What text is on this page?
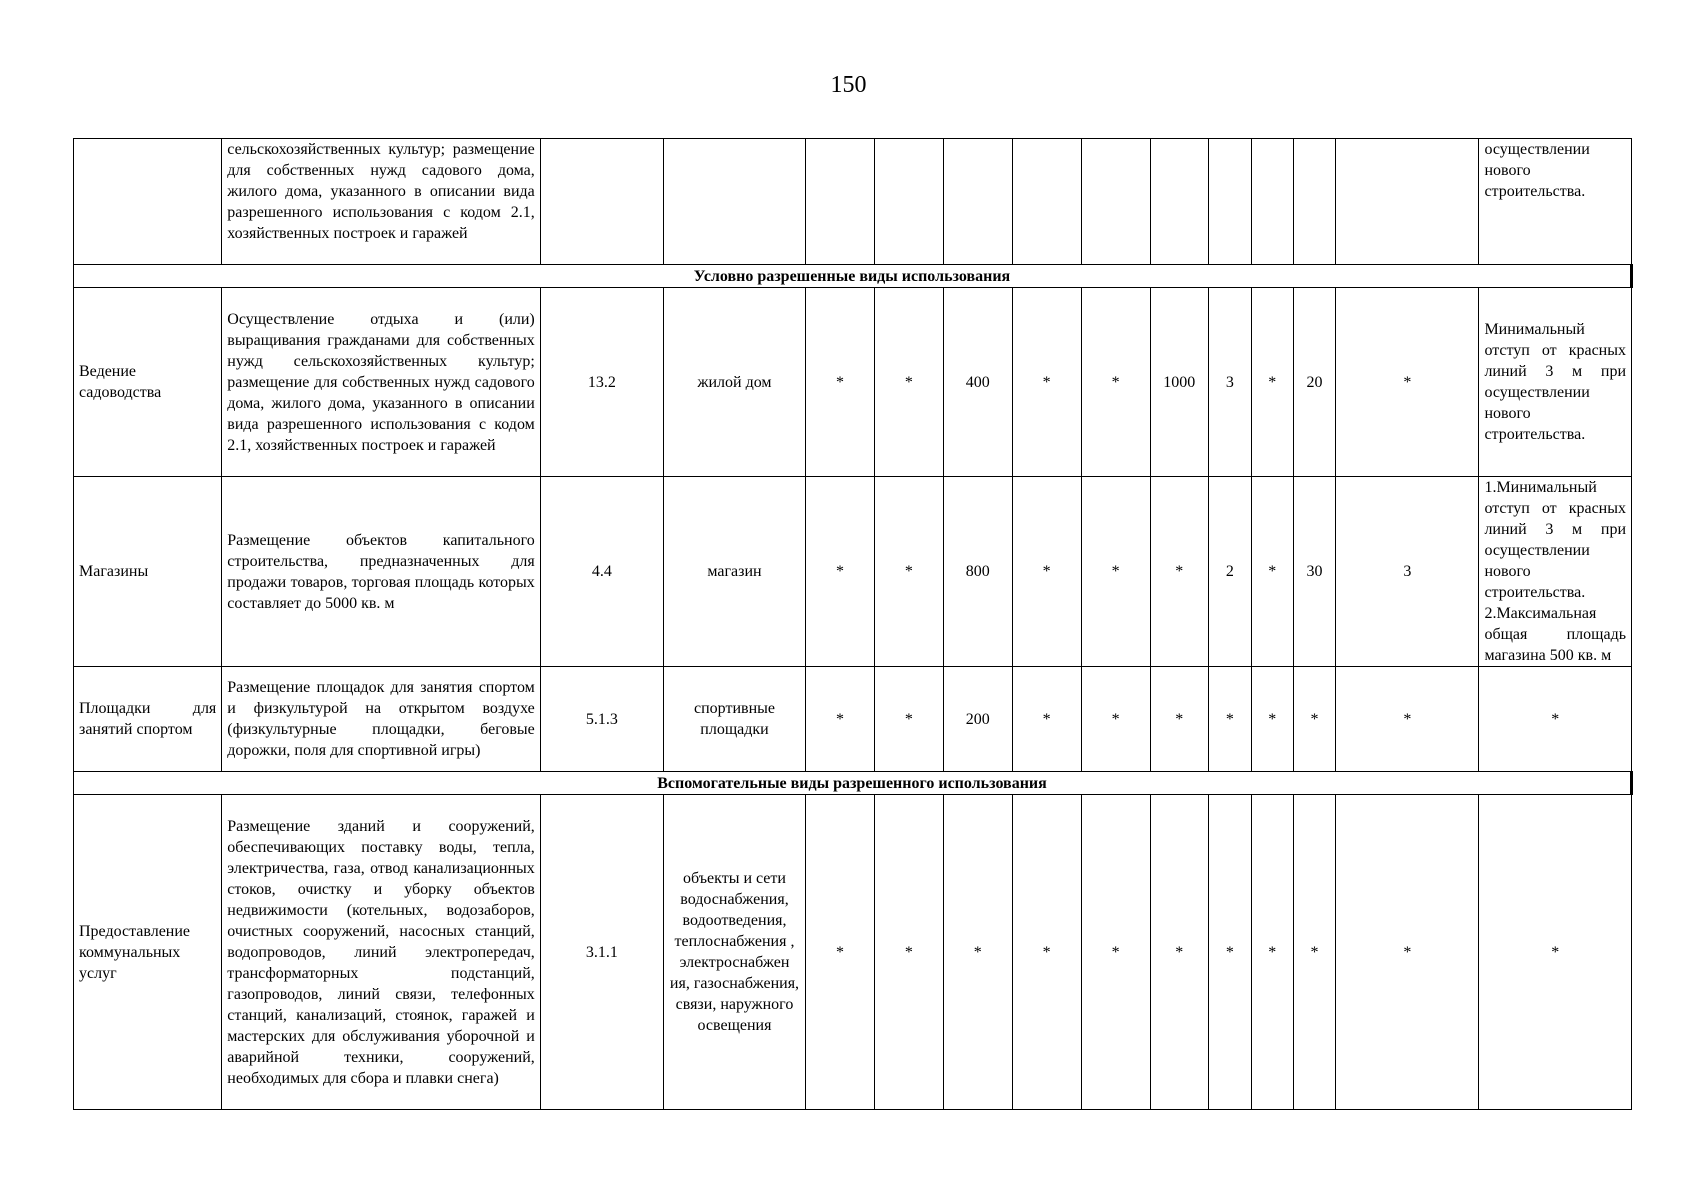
150
	сельскохозяйственных культур; размещение для собственных нужд садового дома, жилого дома, указанного в описании вида разрешенного использования с кодом 2.1, хозяйственных построек и гаражей													осуществлении нового строительства.
Условно разрешенные виды использования														
Ведение садоводства	Осуществление отдыха и (или) выращивания гражданами для собственных нужд сельскохозяйственных культур; размещение для собственных нужд садового дома, жилого дома, указанного в описании вида разрешенного использования с кодом 2.1, хозяйственных построек и гаражей	13.2	жилой дом	*	*	400	*	*	1000	3	*	20	*	Минимальный отступ от красных линий 3 м при осуществлении нового строительства.
Магазины	Размещение объектов капитального строительства, предназначенных для продажи товаров, торговая площадь которых составляет до 5000 кв. м	4.4	магазин	*	*	800	*	*	*	2	*	30	3	1.Минимальный отступ от красных линий 3 м при осуществлении нового строительства. 2.Максимальная общая площадь магазина 500 кв. м
Площадки для занятий спортом	Размещение площадок для занятия спортом и физкультурой на открытом воздухе (физкультурные площадки, беговые дорожки, поля для спортивной игры)	5.1.3	спортивные площадки	*	*	200	*	*	*	*	*	*	*	*
Вспомогательные виды разрешенного использования														
Предоставление коммунальных услуг	Размещение зданий и сооружений, обеспечивающих поставку воды, тепла, электричества, газа, отвод канализационных стоков, очистку и уборку объектов недвижимости (котельных, водозаборов, очистных сооружений, насосных станций, водопроводов, линий электропередач, трансформаторных подстанций, газопроводов, линий связи, телефонных станций, канализаций, стоянок, гаражей и мастерских для обслуживания уборочной и аварийной техники, сооружений, необходимых для сбора и плавки снега)	3.1.1	объекты и сети водоснабжения, водоотведения, теплоснабжения , электроснабжен ия, газоснабжения, связи, наружного освещения	*	*	*	*	*	*	*	*	*	*	*
